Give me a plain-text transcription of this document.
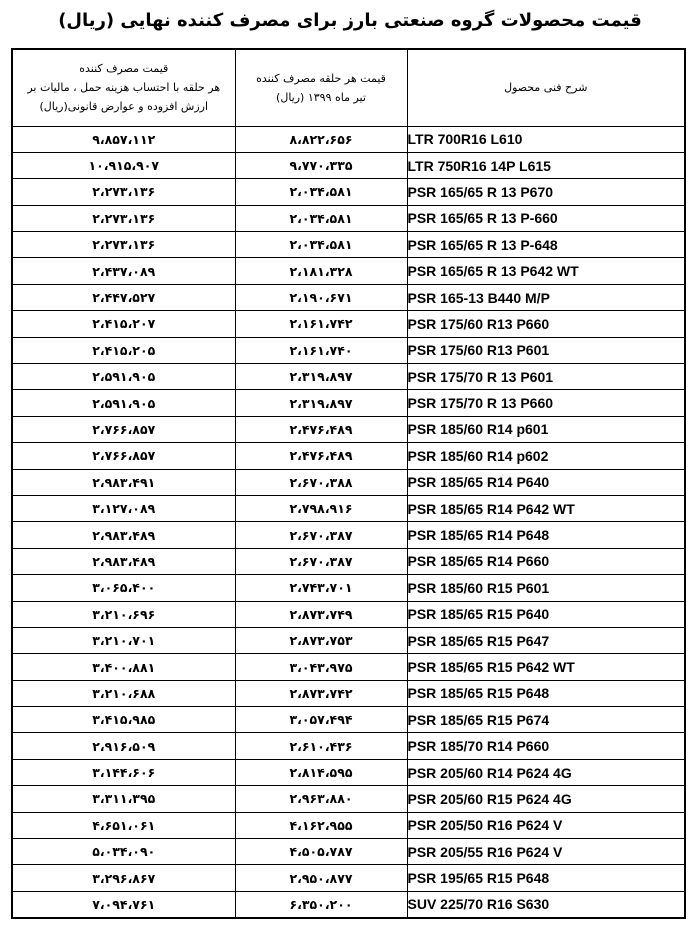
قیمت محصولات گروه صنعتی بارز برای مصرف کننده نهایی (ریال)
قیمت مصرف کننده
هر حلقه با احتساب هزینه حمل ، مالیات بر
ارزش افزوده و عوارض قانونی(ریال)	قیمت هر حلقه مصرف کننده
تیر ماه ۱۳۹۹ (ریال)	شرح فنی محصول

۹،۸۵۷،۱۱۲	۸،۸۲۲،۶۵۶	LTR 700R16 L610
۱۰،۹۱۵،۹۰۷	۹،۷۷۰،۳۳۵	LTR 750R16 14P L615
۲،۲۷۳،۱۳۶	۲،۰۳۴،۵۸۱	PSR 165/65 R 13 P670
۲،۲۷۳،۱۳۶	۲،۰۳۴،۵۸۱	PSR 165/65 R 13 P-660
۲،۲۷۳،۱۳۶	۲،۰۳۴،۵۸۱	PSR 165/65 R 13 P-648
۲،۴۳۷،۰۸۹	۲،۱۸۱،۳۲۸	PSR 165/65 R 13 P642 WT
۲،۴۴۷،۵۲۷	۲،۱۹۰،۶۷۱	PSR 165-13 B440 M/P
۲،۴۱۵،۲۰۷	۲،۱۶۱،۷۴۲	PSR 175/60 R13 P660
۲،۴۱۵،۲۰۵	۲،۱۶۱،۷۴۰	PSR 175/60 R13 P601
۲،۵۹۱،۹۰۵	۲،۳۱۹،۸۹۷	PSR 175/70 R 13 P601
۲،۵۹۱،۹۰۵	۲،۳۱۹،۸۹۷	PSR 175/70 R 13 P660
۲،۷۶۶،۸۵۷	۲،۴۷۶،۴۸۹	PSR 185/60 R14 p601
۲،۷۶۶،۸۵۷	۲،۴۷۶،۴۸۹	PSR 185/60 R14 p602
۲،۹۸۳،۴۹۱	۲،۶۷۰،۳۸۸	PSR 185/65 R14 P640
۳،۱۲۷،۰۸۹	۲،۷۹۸،۹۱۶	PSR 185/65 R14 P642 WT
۲،۹۸۳،۴۸۹	۲،۶۷۰،۳۸۷	PSR 185/65 R14 P648
۲،۹۸۳،۴۸۹	۲،۶۷۰،۳۸۷	PSR 185/65 R14 P660
۳،۰۶۵،۴۰۰	۲،۷۴۳،۷۰۱	PSR 185/60 R15 P601
۳،۲۱۰،۶۹۶	۲،۸۷۳،۷۴۹	PSR 185/65 R15 P640
۳،۲۱۰،۷۰۱	۲،۸۷۳،۷۵۳	PSR 185/65 R15 P647
۳،۴۰۰،۸۸۱	۳،۰۴۳،۹۷۵	PSR 185/65 R15 P642 WT
۳،۲۱۰،۶۸۸	۲،۸۷۳،۷۴۲	PSR 185/65 R15 P648
۳،۴۱۵،۹۸۵	۳،۰۵۷،۴۹۴	PSR 185/65 R15 P674
۲،۹۱۶،۵۰۹	۲،۶۱۰،۴۳۶	PSR 185/70 R14 P660
۳،۱۴۴،۶۰۶	۲،۸۱۴،۵۹۵	PSR 205/60 R14 P624 4G
۳،۳۱۱،۳۹۵	۲،۹۶۳،۸۸۰	PSR 205/60 R15 P624 4G
۴،۶۵۱،۰۶۱	۴،۱۶۲،۹۵۵	PSR 205/50 R16 P624 V
۵،۰۳۴،۰۹۰	۴،۵۰۵،۷۸۷	PSR 205/55 R16 P624 V
۳،۲۹۶،۸۶۷	۲،۹۵۰،۸۷۷	PSR 195/65 R15 P648
۷،۰۹۴،۷۶۱	۶،۳۵۰،۲۰۰	SUV 225/70 R16 S630
